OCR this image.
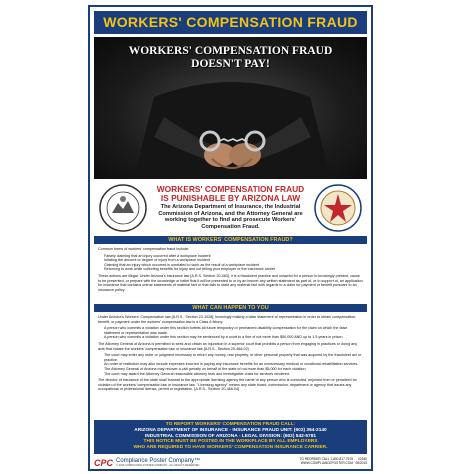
WORKERS' COMPENSATION FRAUD
WORKERS' COMPENSATION FRAUD
DOESN'T PAY!
WORKERS' COMPENSATION FRAUD
IS PUNISHABLE BY ARIZONA LAW
The Arizona Department of Insurance, the Industrial Commission of Arizona, and the Attorney General are working together to find and prosecute Workers' Compensation Fraud.
WHAT IS WORKERS' COMPENSATION FRAUD?

Common forms of workers' compensation fraud include:

• Falsely claiming that an injury occurred after a workplace incident
• Inflating the amount or degree of injury from a workplace incident
• Claiming that an injury which occurred is unrelated to work as the result of a workplace incident
• Returning to work while collecting benefits for injury and not telling your employer or the insurance carrier

These actions are illegal. Under Arizona's insurance law [A.R.S. Section 20-463], it is a fraudulent practice and unlawful for a person to knowingly present, cause to be presented, or prepare with the knowledge or belief that it will be presented to or by an insurer any written statement as part of, or in support of, an application for insurance that contains untrue statements of material fact or that fails to state any material fact with regards to a claim for payment or benefit pursuant to an insurance policy.

WHAT CAN HAPPEN TO YOU

Under Arizona's Workers' Compensation law [A.R.S., Section 23-1028], knowingly making a false statement or representation in order to obtain compensation, benefit, or payment under the workers' compensation law is a Class 6 felony.

• A person who commits a violation under this section forfeits all future temporary or permanent disability compensation for the claim on which the false statement or representation was made.
• A person who commits a violation under this section may be sentenced by a court to a fine of not more than $50,000 AND up to 1.5 years in prison.

The Attorney General of Arizona is permitted to seek and obtain an injunction in a superior court that prohibits a person from engaging in practices or doing any acts that violate the workers' compensation law or insurance law [A.R.S., Section 20-466.02]

• The court may enter any order or judgment necessary to return any money, real property, or other personal property that was acquired by the fraudulent act or practice.
• An order of restitution may also include expenses incurred in paying any insurance benefits for an unnecessary medical or vocational rehabilitation services.
• The Attorney General of Arizona may recover a civil penalty on behalf of the state of not more than $5,000 for each violation.
• The court may award the Attorney General reasonable attorney fees and investigative costs for services rendered.

The director of insurance of the state shall forward to the appropriate licensing agency the name of any person who is convicted, enjoined from or penalized for violation of the workers' compensation law or insurance law. "Licensing agency" means any state board, commission, department or agency that issues any occupational or professional license, permit or registration. [A.R.S., Section 20-466.04]

TO REPORT WORKERS' COMPENSATION FRAUD CALL:
ARIZONA DEPARTMENT OF INSURANCE - INSURANCE FRAUD UNIT: (602) 364-2140
INDUSTRIAL COMMISSION OF ARIZONA - LEGAL DIVISION: (602) 542-5781
THIS NOTICE MUST BE POSTED IN THE WORKPLACE BY ALL EMPLOYERS
WHO ARE REQUIRED TO HAVE WORKERS' COMPENSATION INSURANCE CARRIER.
CPC Compliance Poster Company™
© 2015 COMPLIANCE POSTER COMPANY · ALL RIGHTS RESERVED
TO REORDER CALL 1-800-817-7678
WWW.COMPLIANCEPOSTER.COM
02350
08/2015
